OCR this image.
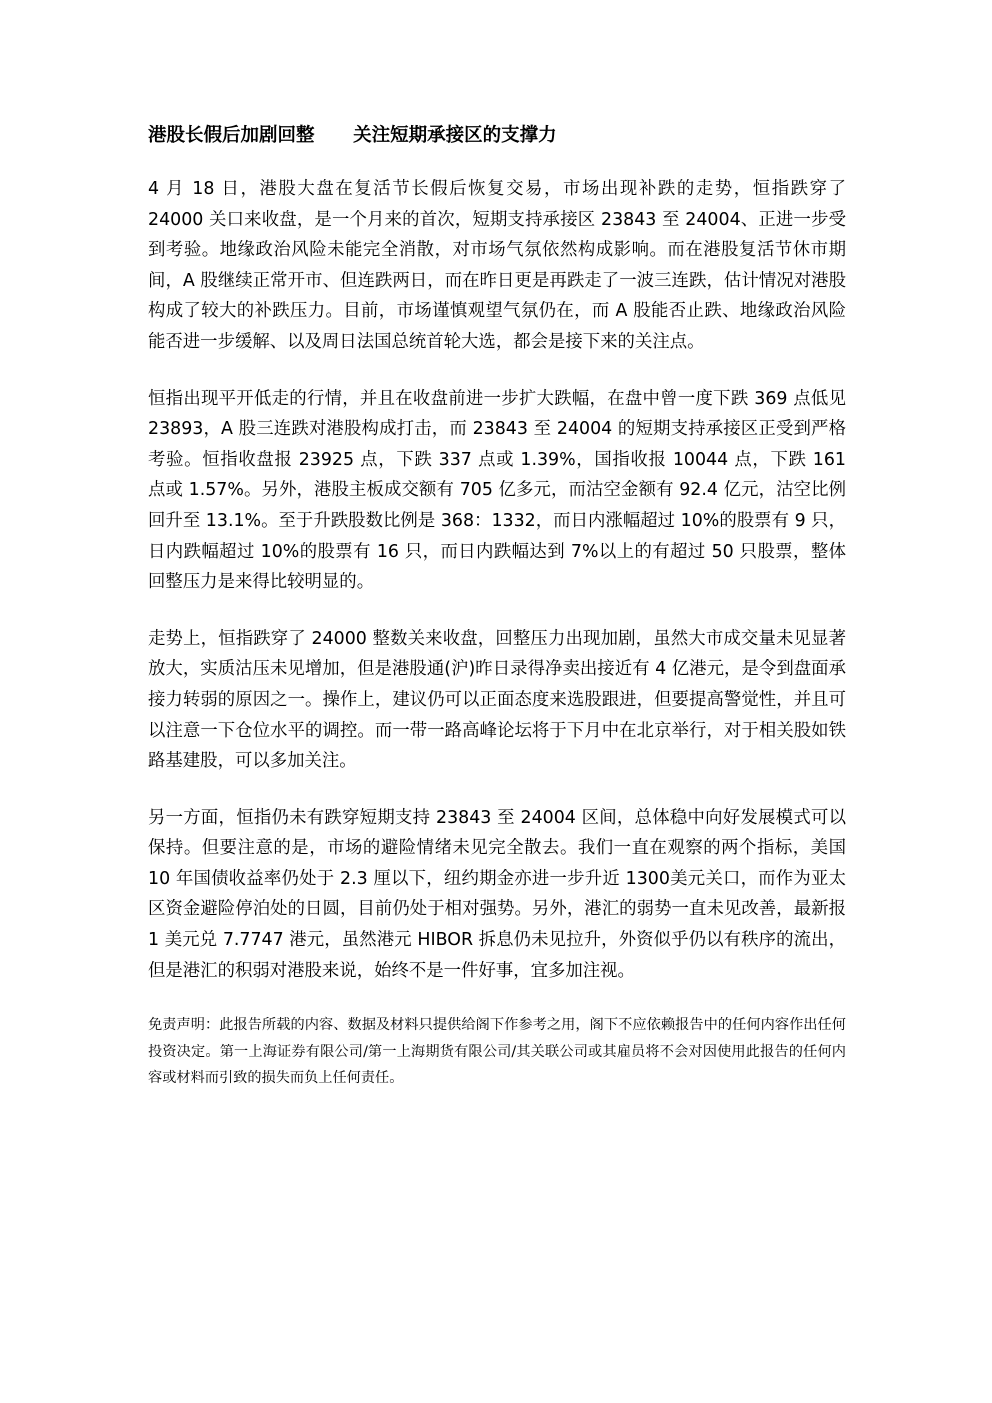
港股长假后加剧回整      关注短期承接区的支撑力

4 月 18 日，港股大盘在复活节长假后恢复交易，市场出现补跌的走势，恒指跌穿了 24000 关口来收盘，是一个月来的首次，短期支持承接区 23843 至 24004、正进一步受到考验。地缘政治风险未能完全消散，对市场气氛依然构成影响。而在港股复活节休市期间，A 股继续正常开市、但连跌两日，而在昨日更是再跌走了一波三连跌，估计情况对港股构成了较大的补跌压力。目前，市场谨慎观望气氛仍在，而 A 股能否止跌、地缘政治风险能否进一步缓解、以及周日法国总统首轮大选，都会是接下来的关注点。

恒指出现平开低走的行情，并且在收盘前进一步扩大跌幅，在盘中曾一度下跌 369 点低见 23893，A 股三连跌对港股构成打击，而 23843 至 24004 的短期支持承接区正受到严格考验。恒指收盘报 23925 点，下跌 337 点或 1.39%，国指收报 10044 点，下跌 161 点或 1.57%。另外，港股主板成交额有 705 亿多元，而沽空金额有 92.4 亿元，沽空比例回升至 13.1%。至于升跌股数比例是 368：1332，而日内涨幅超过 10%的股票有 9 只，日内跌幅超过 10%的股票有 16 只，而日内跌幅达到 7%以上的有超过 50 只股票，整体回整压力是来得比较明显的。

走势上，恒指跌穿了 24000 整数关来收盘，回整压力出现加剧，虽然大市成交量未见显著放大，实质沽压未见增加，但是港股通(沪)昨日录得净卖出接近有 4 亿港元，是令到盘面承接力转弱的原因之一。操作上，建议仍可以正面态度来选股跟进，但要提高警觉性，并且可以注意一下仓位水平的调控。而一带一路高峰论坛将于下月中在北京举行，对于相关股如铁路基建股，可以多加关注。

另一方面，恒指仍未有跌穿短期支持 23843 至 24004 区间，总体稳中向好发展模式可以保持。但要注意的是，市场的避险情绪未见完全散去。我们一直在观察的两个指标，美国 10 年国债收益率仍处于 2.3 厘以下，纽约期金亦进一步升近 1300美元关口，而作为亚太区资金避险停泊处的日圆，目前仍处于相对强势。另外，港汇的弱势一直未见改善，最新报 1 美元兑 7.7747 港元，虽然港元 HIBOR 拆息仍未见拉升，外资似乎仍以有秩序的流出，但是港汇的积弱对港股来说，始终不是一件好事，宜多加注视。

免责声明：此报告所载的内容、数据及材料只提供给阁下作参考之用，阁下不应依赖报告中的任何内容作出任何投资决定。第一上海证券有限公司/第一上海期货有限公司/其关联公司或其雇员将不会对因使用此报告的任何内容或材料而引致的损失而负上任何责任。
